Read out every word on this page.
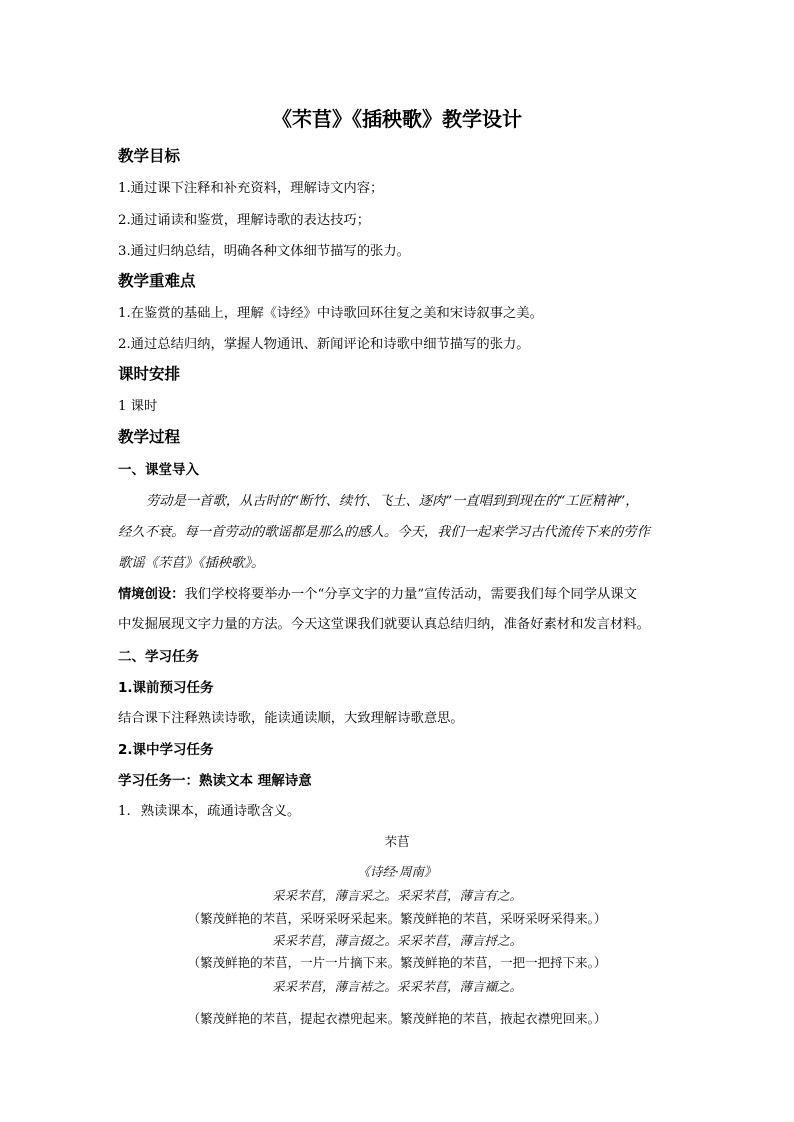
《芣苢》《插秧歌》教学设计
教学目标
1.通过课下注释和补充资料，理解诗文内容；
2.通过诵读和鉴赏，理解诗歌的表达技巧；
3.通过归纳总结，明确各种文体细节描写的张力。
教学重难点
1.在鉴赏的基础上，理解《诗经》中诗歌回环往复之美和宋诗叙事之美。
2.通过总结归纳，掌握人物通讯、新闻评论和诗歌中细节描写的张力。
课时安排
1 课时
教学过程
一、课堂导入
劳动是一首歌，从古时的“断竹、续竹、飞土、逐肉”一直唱到到现在的“工匠精神”，
经久不衰。每一首劳动的歌谣都是那么的感人。今天，我们一起来学习古代流传下来的劳作
歌谣《芣苢》《插秧歌》。
情境创设：我们学校将要举办一个“分享文字的力量”宣传活动，需要我们每个同学从课文
中发掘展现文字力量的方法。今天这堂课我们就要认真总结归纳，准备好素材和发言材料。
二、学习任务
1.课前预习任务
结合课下注释熟读诗歌，能读通读顺，大致理解诗歌意思。
2.课中学习任务
学习任务一：熟读文本 理解诗意
1. 熟读课本，疏通诗歌含义。
芣苢
《诗经·周南》
采采芣苢，薄言采之。采采芣苢，薄言有之。
（繁茂鲜艳的芣苢，采呀采呀采起来。繁茂鲜艳的芣苢，采呀采呀采得来。）
采采芣苢，薄言掇之。采采芣苢，薄言捋之。
（繁茂鲜艳的芣苢，一片一片摘下来。繁茂鲜艳的芣苢，一把一把捋下来。）
采采芣苢，薄言袺之。采采芣苢，薄言襭之。
（繁茂鲜艳的芣苢，提起衣襟兜起来。繁茂鲜艳的芣苢，掖起衣襟兜回来。）
